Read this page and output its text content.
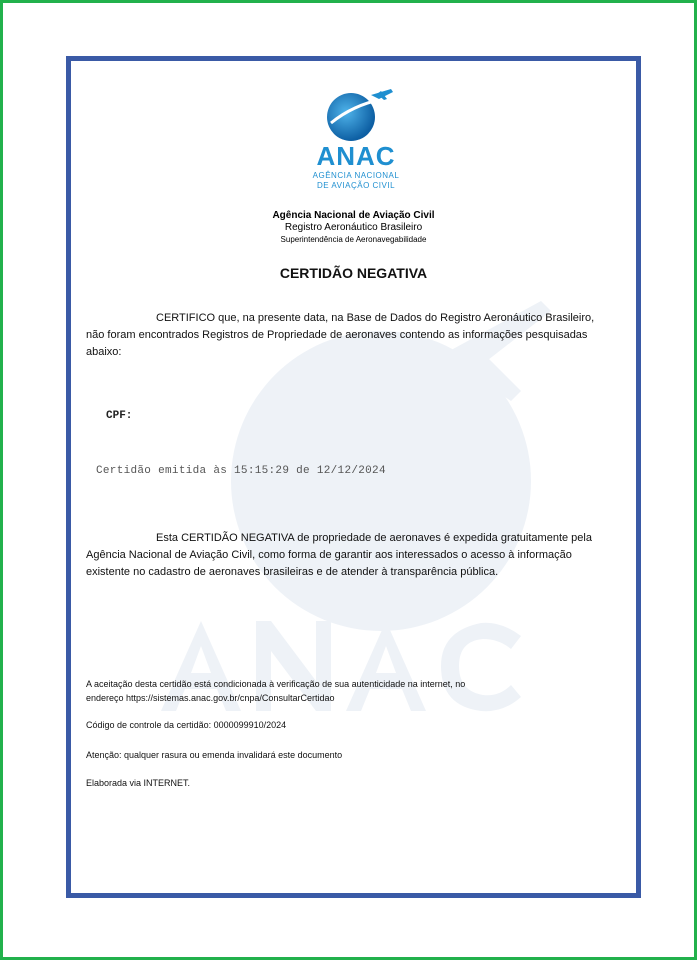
ANAC
AGÊNCIA NACIONAL
DE AVIAÇÃO CIVIL
Agência Nacional de Aviação Civil
Registro Aeronáutico Brasileiro
Superintendência de Aeronavegabilidade
CERTIDÃO NEGATIVA
CERTIFICO que, na presente data, na Base de Dados do Registro Aeronáutico Brasileiro, não foram encontrados Registros de Propriedade de aeronaves contendo as informações pesquisadas abaixo:
CPF:
Certidão emitida às 15:15:29 de 12/12/2024
Esta CERTIDÃO NEGATIVA de propriedade de aeronaves é expedida gratuitamente pela Agência Nacional de Aviação Civil, como forma de garantir aos interessados o acesso à informação existente no cadastro de aeronaves brasileiras e de atender à transparência pública.
A aceitação desta certidão está condicionada à verificação de sua autenticidade na internet, no
endereço https://sistemas.anac.gov.br/cnpa/ConsultarCertidao
Código de controle da certidão: 0000099910/2024
Atenção: qualquer rasura ou emenda invalidará este documento
Elaborada via INTERNET.
